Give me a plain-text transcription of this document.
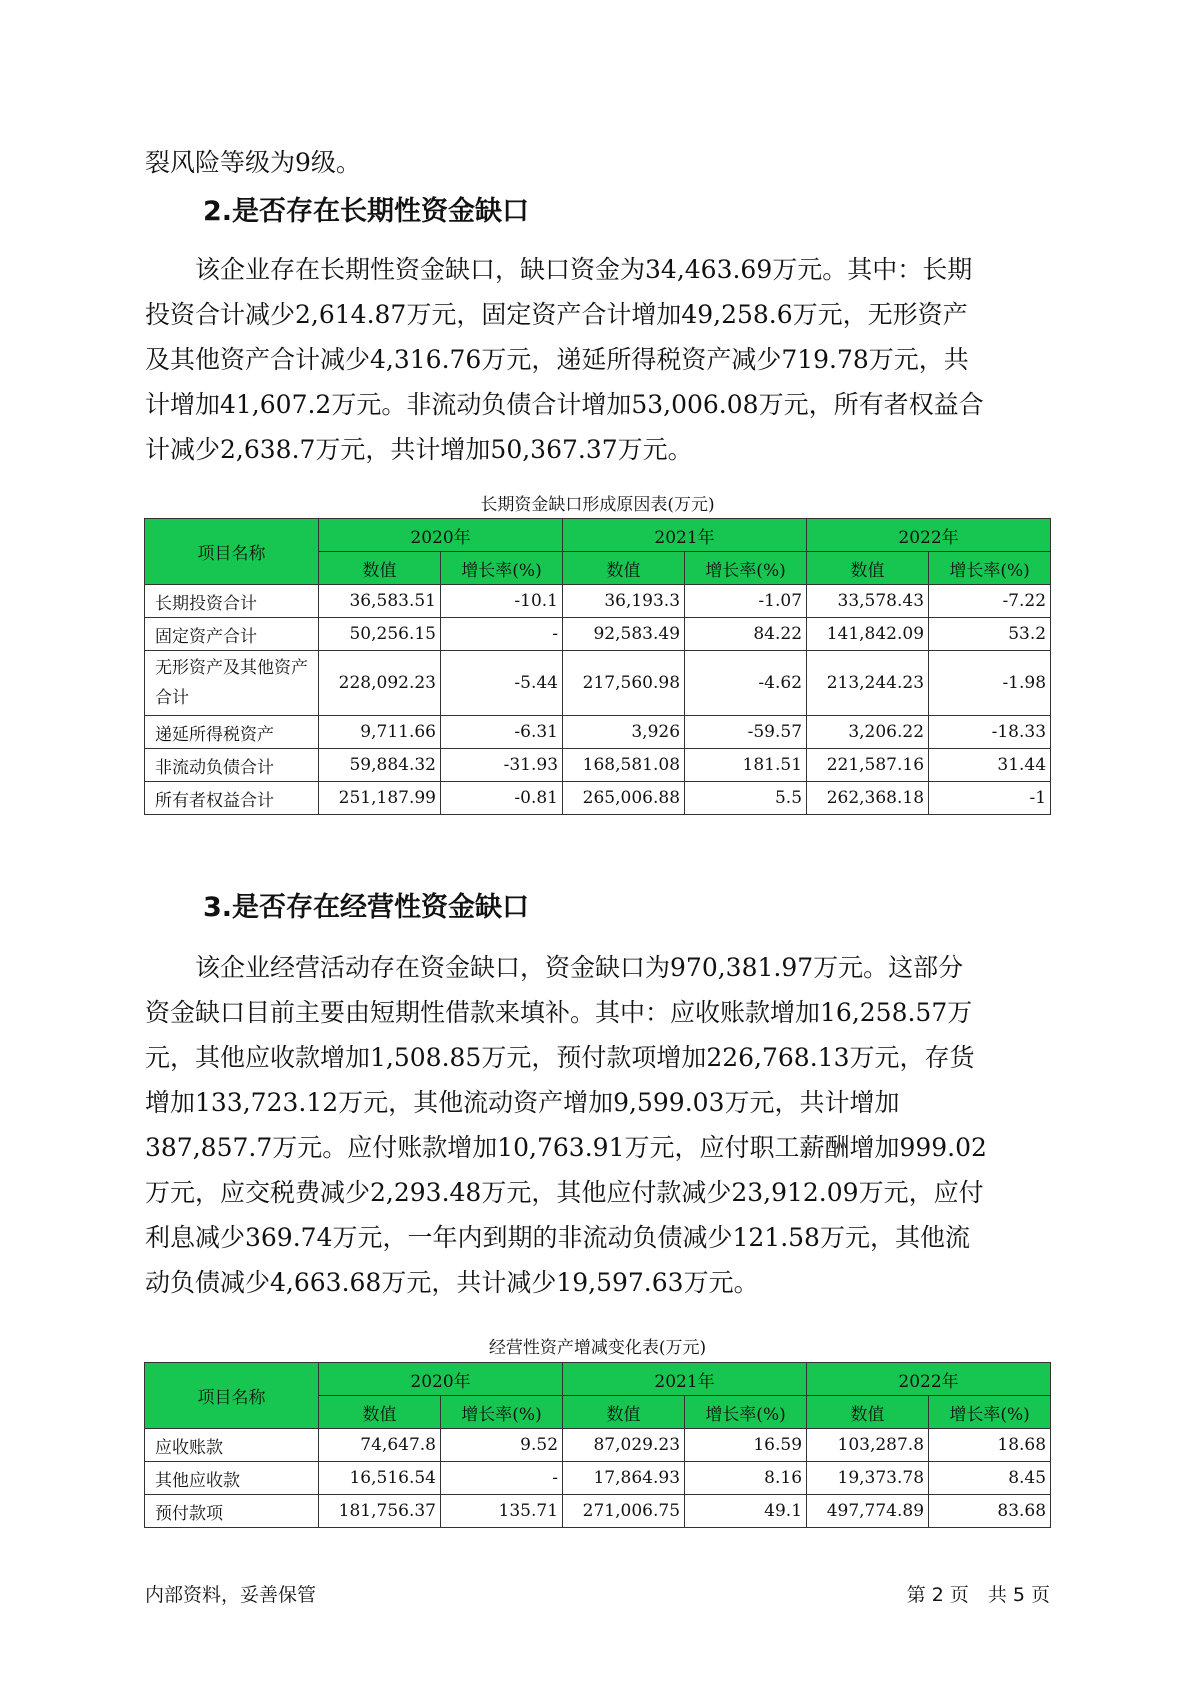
裂风险等级为9级。

2.是否存在长期性资金缺口
　　该企业存在长期性资金缺口，缺口资金为34,463.69万元。其中：长期
投资合计减少2,614.87万元，固定资产合计增加49,258.6万元，无形资产
及其他资产合计减少4,316.76万元，递延所得税资产减少719.78万元，共
计增加41,607.2万元。非流动负债合计增加53,006.08万元，所有者权益合
计减少2,638.7万元，共计增加50,367.37万元。
长期资金缺口形成原因表(万元)
项目名称	2020年		2021年		2022年	
	数值	增长率(%)	数值	增长率(%)	数值	增长率(%)
长期投资合计	36,583.51	-10.1	36,193.3	-1.07	33,578.43	-7.22
固定资产合计	50,256.15	-	92,583.49	84.22	141,842.09	53.2
无形资产及其他资产合计	228,092.23	-5.44	217,560.98	-4.62	213,244.23	-1.98
递延所得税资产	9,711.66	-6.31	3,926	-59.57	3,206.22	-18.33
非流动负债合计	59,884.32	-31.93	168,581.08	181.51	221,587.16	31.44
所有者权益合计	251,187.99	-0.81	265,006.88	5.5	262,368.18	-1
3.是否存在经营性资金缺口
　　该企业经营活动存在资金缺口，资金缺口为970,381.97万元。这部分
资金缺口目前主要由短期性借款来填补。其中：应收账款增加16,258.57万
元，其他应收款增加1,508.85万元，预付款项增加226,768.13万元，存货
增加133,723.12万元，其他流动资产增加9,599.03万元，共计增加
387,857.7万元。应付账款增加10,763.91万元，应付职工薪酬增加999.02
万元，应交税费减少2,293.48万元，其他应付款减少23,912.09万元，应付
利息减少369.74万元，一年内到期的非流动负债减少121.58万元，其他流
动负债减少4,663.68万元，共计减少19,597.63万元。
经营性资产增减变化表(万元)
项目名称	2020年		2021年		2022年	
	数值	增长率(%)	数值	增长率(%)	数值	增长率(%)
应收账款	74,647.8	9.52	87,029.23	16.59	103,287.8	18.68
其他应收款	16,516.54	-	17,864.93	8.16	19,373.78	8.45
预付款项	181,756.37	135.71	271,006.75	49.1	497,774.89	83.68
内部资料，妥善保管	第 2 页　共 5 页
